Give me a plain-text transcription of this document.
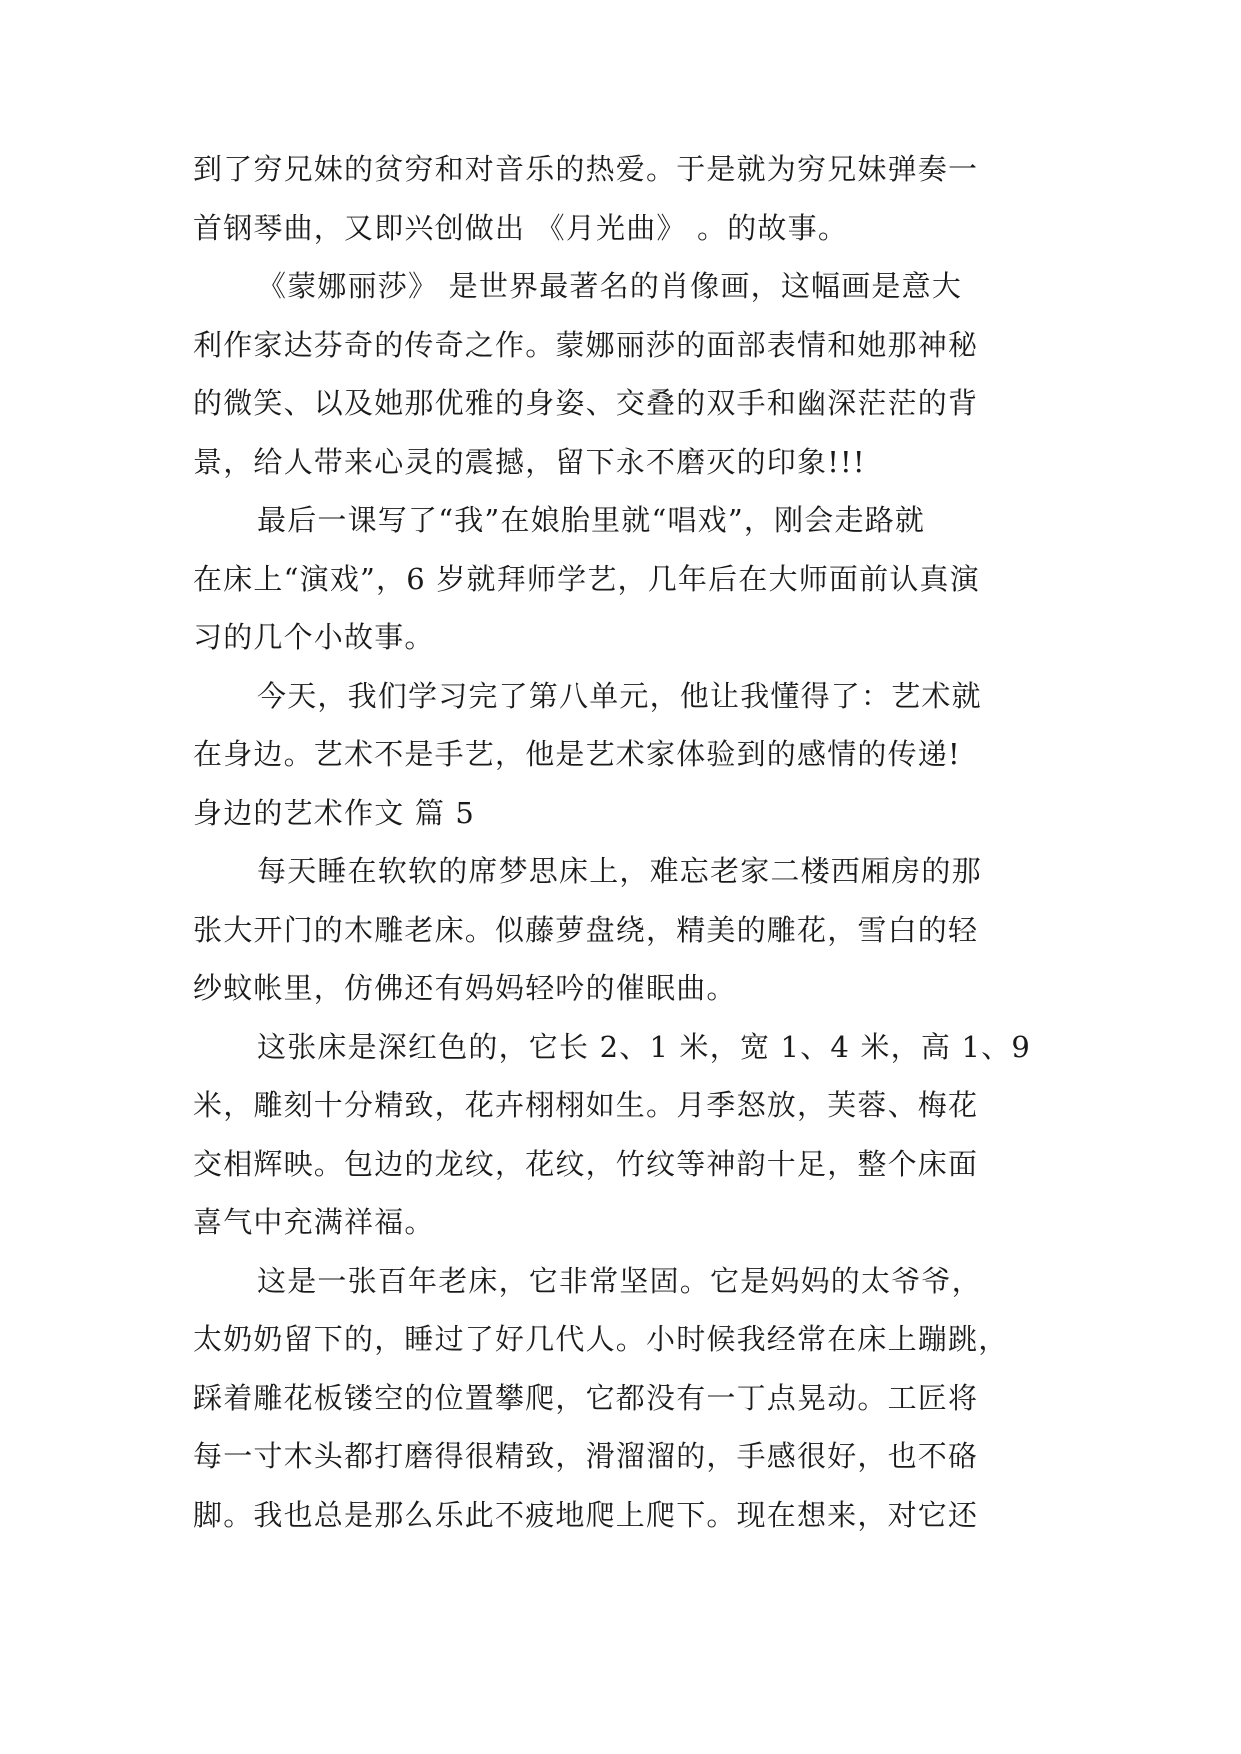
到了穷兄妹的贫穷和对音乐的热爱。于是就为穷兄妹弹奏一
首钢琴曲，又即兴创做出 《月光曲》 。的故事。
《蒙娜丽莎》 是世界最著名的肖像画，这幅画是意大
利作家达芬奇的传奇之作。蒙娜丽莎的面部表情和她那神秘
的微笑、以及她那优雅的身姿、交叠的双手和幽深茫茫的背
景，给人带来心灵的震撼，留下永不磨灭的印象!!!
最后一课写了“我”在娘胎里就“唱戏”，刚会走路就
在床上“演戏”，6 岁就拜师学艺，几年后在大师面前认真演
习的几个小故事。
今天，我们学习完了第八单元，他让我懂得了：艺术就
在身边。艺术不是手艺，他是艺术家体验到的感情的传递!
身边的艺术作文 篇 5
每天睡在软软的席梦思床上，难忘老家二楼西厢房的那
张大开门的木雕老床。似藤萝盘绕，精美的雕花，雪白的轻
纱蚊帐里，仿佛还有妈妈轻吟的催眠曲。
这张床是深红色的，它长 2、1 米，宽 1、4 米，高 1、9
米，雕刻十分精致，花卉栩栩如生。月季怒放，芙蓉、梅花
交相辉映。包边的龙纹，花纹，竹纹等神韵十足，整个床面
喜气中充满祥福。
这是一张百年老床，它非常坚固。它是妈妈的太爷爷，
太奶奶留下的，睡过了好几代人。小时候我经常在床上蹦跳，
踩着雕花板镂空的位置攀爬，它都没有一丁点晃动。工匠将
每一寸木头都打磨得很精致，滑溜溜的，手感很好，也不硌
脚。我也总是那么乐此不疲地爬上爬下。现在想来，对它还
